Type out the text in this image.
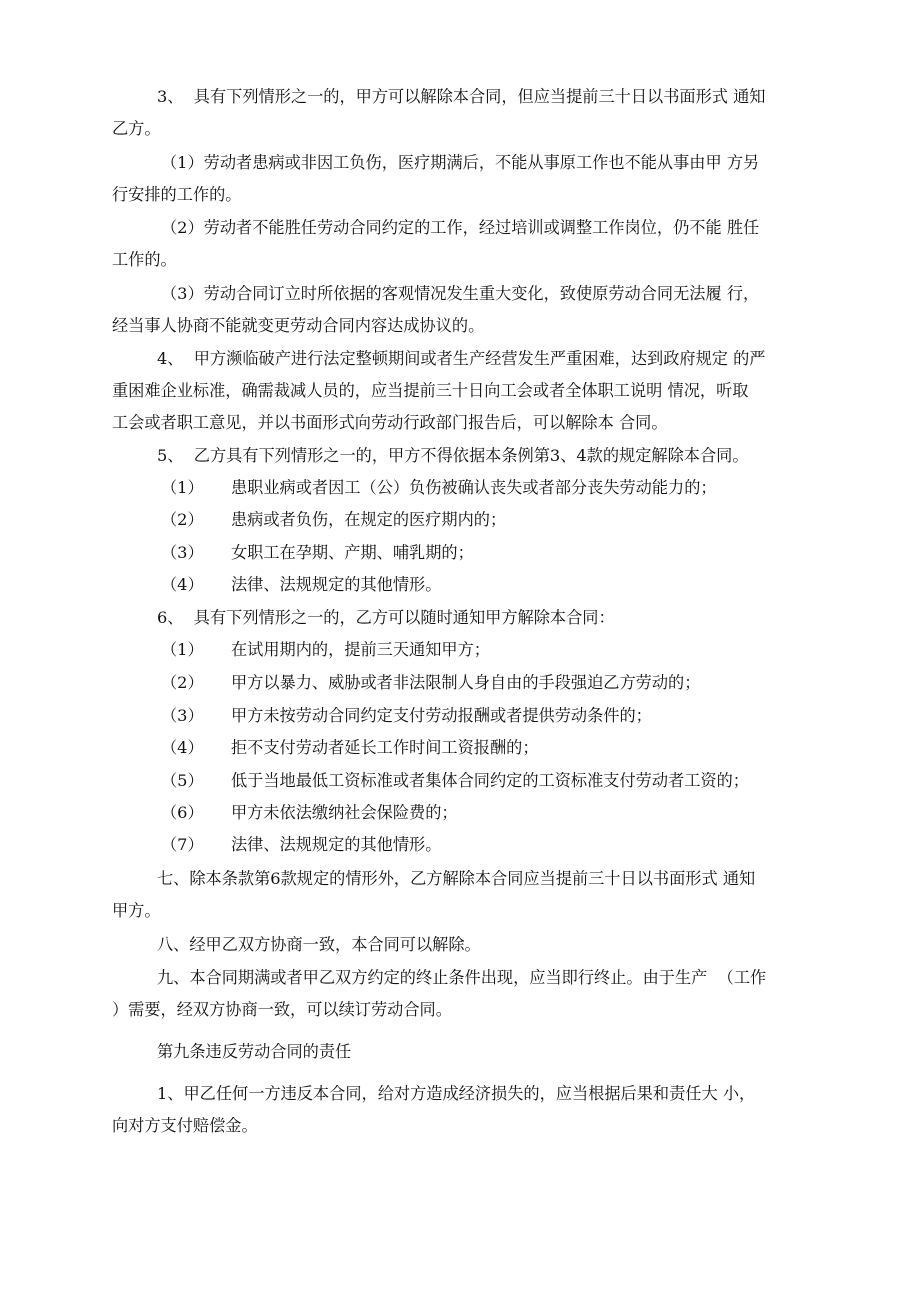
3、  具有下列情形之一的，甲方可以解除本合同，但应当提前三十日以书面形式 通知
乙方。
（1）劳动者患病或非因工负伤，医疗期满后，不能从事原工作也不能从事由甲 方另
行安排的工作的。
（2）劳动者不能胜任劳动合同约定的工作，经过培训或调整工作岗位，仍不能 胜任
工作的。
（3）劳动合同订立时所依据的客观情况发生重大变化，致使原劳动合同无法履 行，
经当事人协商不能就变更劳动合同内容达成协议的。
4、  甲方濒临破产进行法定整顿期间或者生产经营发生严重困难，达到政府规定 的严
重困难企业标准，确需裁减人员的，应当提前三十日向工会或者全体职工说明 情况，听取
工会或者职工意见，并以书面形式向劳动行政部门报告后，可以解除本 合同。
5、  乙方具有下列情形之一的，甲方不得依据本条例第3、4款的规定解除本合同。
（1） 患职业病或者因工（公）负伤被确认丧失或者部分丧失劳动能力的；
（2） 患病或者负伤，在规定的医疗期内的；
（3） 女职工在孕期、产期、哺乳期的；
（4） 法律、法规规定的其他情形。
6、  具有下列情形之一的，乙方可以随时通知甲方解除本合同：
（1） 在试用期内的，提前三天通知甲方；
（2） 甲方以暴力、威胁或者非法限制人身自由的手段强迫乙方劳动的；
（3） 甲方未按劳动合同约定支付劳动报酬或者提供劳动条件的；
（4） 拒不支付劳动者延长工作时间工资报酬的；
（5） 低于当地最低工资标准或者集体合同约定的工资标准支付劳动者工资的；
（6） 甲方未依法缴纳社会保险费的；
（7） 法律、法规规定的其他情形。
七、除本条款第6款规定的情形外，乙方解除本合同应当提前三十日以书面形式 通知
甲方。
八、经甲乙双方协商一致，本合同可以解除。
九、本合同期满或者甲乙双方约定的终止条件出现，应当即行终止。由于生产  （工作
）需要，经双方协商一致，可以续订劳动合同。
第九条违反劳动合同的责任
1、甲乙任何一方违反本合同，给对方造成经济损失的，应当根据后果和责任大 小，
向对方支付赔偿金。
